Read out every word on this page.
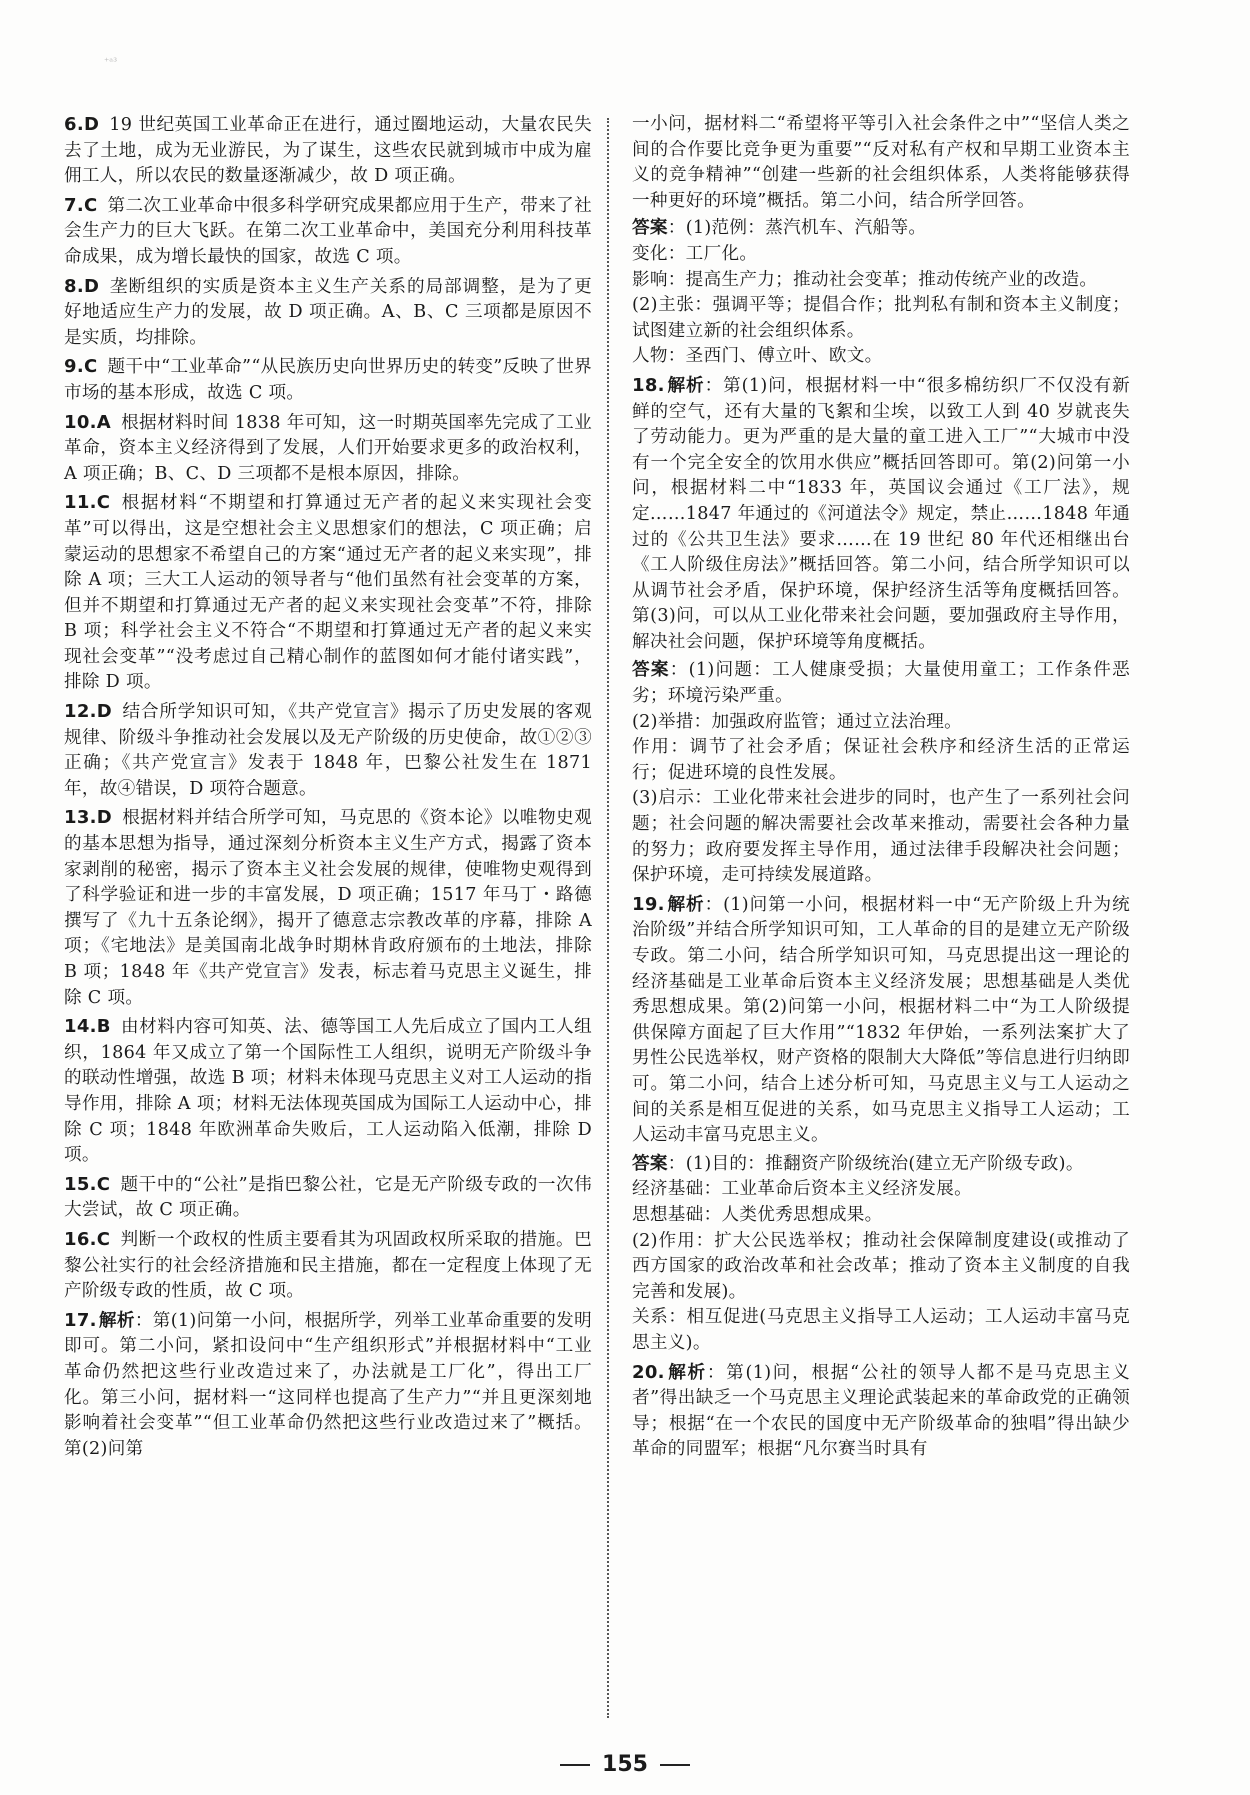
⁺ᵃ³

6.D 19 世纪英国工业革命正在进行，通过圈地运动，大量农民失去了土地，成为无业游民，为了谋生，这些农民就到城市中成为雇佣工人，所以农民的数量逐渐减少，故 D 项正确。

7.C 第二次工业革命中很多科学研究成果都应用于生产，带来了社会生产力的巨大飞跃。在第二次工业革命中，美国充分利用科技革命成果，成为增长最快的国家，故选 C 项。

8.D 垄断组织的实质是资本主义生产关系的局部调整，是为了更好地适应生产力的发展，故 D 项正确。A、B、C 三项都是原因不是实质，均排除。

9.C 题干中“工业革命”“从民族历史向世界历史的转变”反映了世界市场的基本形成，故选 C 项。

10.A 根据材料时间 1838 年可知，这一时期英国率先完成了工业革命，资本主义经济得到了发展，人们开始要求更多的政治权利，A 项正确；B、C、D 三项都不是根本原因，排除。

11.C 根据材料“不期望和打算通过无产者的起义来实现社会变革”可以得出，这是空想社会主义思想家们的想法，C 项正确；启蒙运动的思想家不希望自己的方案“通过无产者的起义来实现”，排除 A 项；三大工人运动的领导者与“他们虽然有社会变革的方案，但并不期望和打算通过无产者的起义来实现社会变革”不符，排除 B 项；科学社会主义不符合“不期望和打算通过无产者的起义来实现社会变革”“没考虑过自己精心制作的蓝图如何才能付诸实践”，排除 D 项。

12.D 结合所学知识可知，《共产党宣言》揭示了历史发展的客观规律、阶级斗争推动社会发展以及无产阶级的历史使命，故①②③正确；《共产党宣言》发表于 1848 年，巴黎公社发生在 1871 年，故④错误，D 项符合题意。

13.D 根据材料并结合所学可知，马克思的《资本论》以唯物史观的基本思想为指导，通过深刻分析资本主义生产方式，揭露了资本家剥削的秘密，揭示了资本主义社会发展的规律，使唯物史观得到了科学验证和进一步的丰富发展，D 项正确；1517 年马丁・路德撰写了《九十五条论纲》，揭开了德意志宗教改革的序幕，排除 A 项；《宅地法》是美国南北战争时期林肯政府颁布的土地法，排除 B 项；1848 年《共产党宣言》发表，标志着马克思主义诞生，排除 C 项。

14.B 由材料内容可知英、法、德等国工人先后成立了国内工人组织，1864 年又成立了第一个国际性工人组织，说明无产阶级斗争的联动性增强，故选 B 项；材料未体现马克思主义对工人运动的指导作用，排除 A 项；材料无法体现英国成为国际工人运动中心，排除 C 项；1848 年欧洲革命失败后，工人运动陷入低潮，排除 D 项。

15.C 题干中的“公社”是指巴黎公社，它是无产阶级专政的一次伟大尝试，故 C 项正确。

16.C 判断一个政权的性质主要看其为巩固政权所采取的措施。巴黎公社实行的社会经济措施和民主措施，都在一定程度上体现了无产阶级专政的性质，故 C 项。

17. 解析：第(1)问第一小问，根据所学，列举工业革命重要的发明即可。第二小问，紧扣设问中“生产组织形式”并根据材料中“工业革命仍然把这些行业改造过来了，办法就是工厂化”，得出工厂化。第三小问，据材料一“这同样也提高了生产力”“并且更深刻地影响着社会变革”“但工业革命仍然把这些行业改造过来了”概括。第(2)问第

一小问，据材料二“希望将平等引入社会条件之中”“坚信人类之间的合作要比竞争更为重要”“反对私有产权和早期工业资本主义的竞争精神”“创建一些新的社会组织体系，人类将能够获得一种更好的环境”概括。第二小问，结合所学回答。

答案：(1)范例：蒸汽机车、汽船等。

变化：工厂化。

影响：提高生产力；推动社会变革；推动传统产业的改造。

(2)主张：强调平等；提倡合作；批判私有制和资本主义制度；试图建立新的社会组织体系。

人物：圣西门、傅立叶、欧文。

18. 解析：第(1)问，根据材料一中“很多棉纺织厂不仅没有新鲜的空气，还有大量的飞絮和尘埃，以致工人到 40 岁就丧失了劳动能力。更为严重的是大量的童工进入工厂”“大城市中没有一个完全安全的饮用水供应”概括回答即可。第(2)问第一小问，根据材料二中“1833 年，英国议会通过《工厂法》，规定……1847 年通过的《河道法令》规定，禁止……1848 年通过的《公共卫生法》要求……在 19 世纪 80 年代还相继出台《工人阶级住房法》”概括回答。第二小问，结合所学知识可以从调节社会矛盾，保护环境，保护经济生活等角度概括回答。第(3)问，可以从工业化带来社会问题，要加强政府主导作用，解决社会问题，保护环境等角度概括。

答案：(1)问题：工人健康受损；大量使用童工；工作条件恶劣；环境污染严重。

(2)举措：加强政府监管；通过立法治理。

作用：调节了社会矛盾；保证社会秩序和经济生活的正常运行；促进环境的良性发展。

(3)启示：工业化带来社会进步的同时，也产生了一系列社会问题；社会问题的解决需要社会改革来推动，需要社会各种力量的努力；政府要发挥主导作用，通过法律手段解决社会问题；保护环境，走可持续发展道路。

19. 解析：(1)问第一小问，根据材料一中“无产阶级上升为统治阶级”并结合所学知识可知，工人革命的目的是建立无产阶级专政。第二小问，结合所学知识可知，马克思提出这一理论的经济基础是工业革命后资本主义经济发展；思想基础是人类优秀思想成果。第(2)问第一小问，根据材料二中“为工人阶级提供保障方面起了巨大作用”“1832 年伊始，一系列法案扩大了男性公民选举权，财产资格的限制大大降低”等信息进行归纳即可。第二小问，结合上述分析可知，马克思主义与工人运动之间的关系是相互促进的关系，如马克思主义指导工人运动；工人运动丰富马克思主义。

答案：(1)目的：推翻资产阶级统治(建立无产阶级专政)。

经济基础：工业革命后资本主义经济发展。

思想基础：人类优秀思想成果。

(2)作用：扩大公民选举权；推动社会保障制度建设(或推动了西方国家的政治改革和社会改革；推动了资本主义制度的自我完善和发展)。

关系：相互促进(马克思主义指导工人运动；工人运动丰富马克思主义)。

20. 解析：第(1)问，根据“公社的领导人都不是马克思主义者”得出缺乏一个马克思主义理论武装起来的革命政党的正确领导；根据“在一个农民的国度中无产阶级革命的独唱”得出缺少革命的同盟军；根据“凡尔赛当时具有

155
